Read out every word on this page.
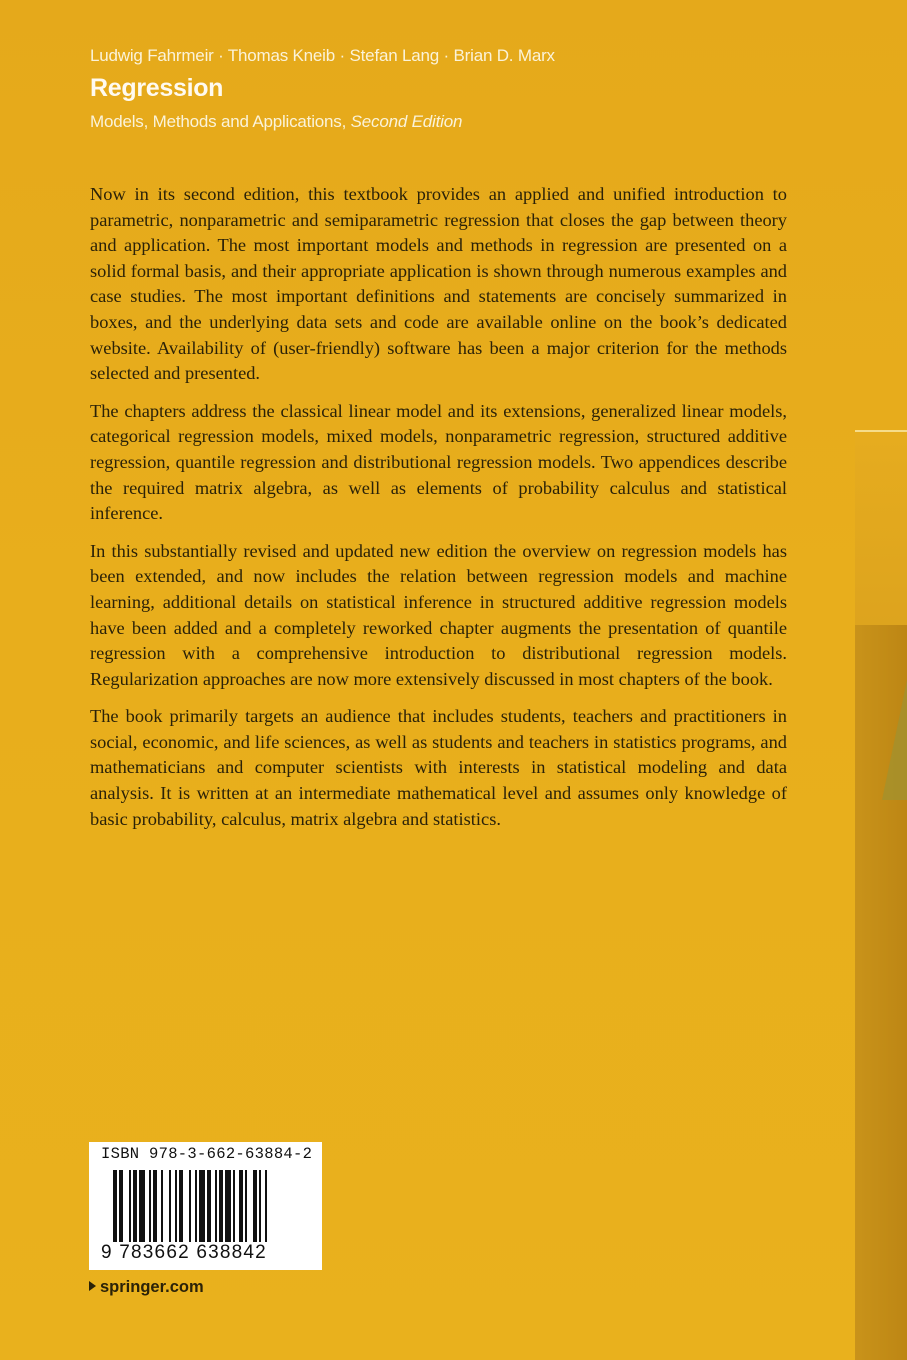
Ludwig Fahrmeir · Thomas Kneib · Stefan Lang · Brian D. Marx
Regression
Models, Methods and Applications, Second Edition

Now in its second edition, this textbook provides an applied and unified introduction to parametric, nonparametric and semiparametric regression that closes the gap between theory and application. The most important models and methods in regression are presented on a solid formal basis, and their appropriate application is shown through numerous examples and case studies. The most important definitions and statements are concisely summarized in boxes, and the underlying data sets and code are available online on the book’s dedicated website. Availability of (user-friendly) software has been a major criterion for the methods selected and presented.

The chapters address the classical linear model and its extensions, generalized linear models, categorical regression models, mixed models, nonparametric regression, structured additive regression, quantile regression and distributional regression models. Two appendices describe the required matrix algebra, as well as elements of probability calculus and statistical inference.

In this substantially revised and updated new edition the overview on regression models has been extended, and now includes the relation between regression models and machine learning, additional details on statistical inference in structured additive regression models have been added and a completely reworked chapter augments the presentation of quantile regression with a comprehensive introduction to distributional regression models. Regularization approaches are now more extensively discussed in most chapters of the book.

The book primarily targets an audience that includes students, teachers and practitioners in social, economic, and life sciences, as well as students and teachers in statistics programs, and mathematicians and computer scientists with interests in statistical modeling and data analysis. It is written at an intermediate mathematical level and assumes only knowledge of basic probability, calculus, matrix algebra and statistics.

ISBN 978-3-662-63884-2
9 783662 638842
springer.com
